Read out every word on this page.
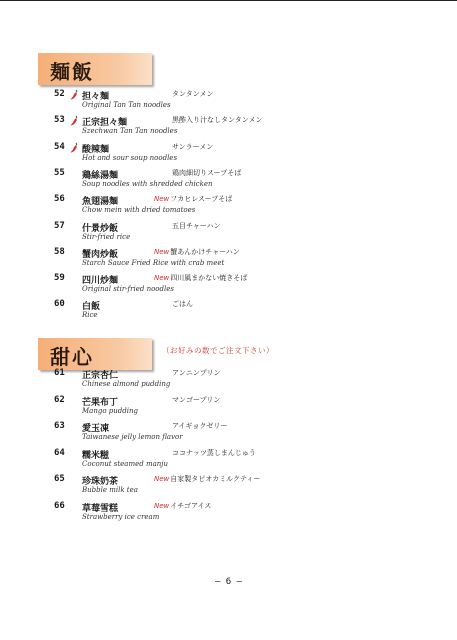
麺飯
甜心	（お好みの数でご注文下さい）
52 担々麺	タンタンメン
Original Tan Tan noodles
53 正宗担々麺	黒酢入り汁なしタンタンメン
Szechwan Tan Tan noodles
54 酸辣麺	サンラーメン
Hot and sour soup noodles
55 鶏絲湯麺	鶏肉細切りスープそば
Soup noodles with shredded chicken
56 魚翅湯麺	Newフカヒレスープそば
Chow mein with dried tomatoes
57 什景炒飯	五目チャーハン
Stir-fried rice
58 蟹肉炒飯	New蟹あんかけチャーハン
Starch Sauce Fried Rice with crab meet
59 四川炒麺	New四川風まかない焼きそば
Original stir-fried noodles
60 白飯	ごはん
Rice
61 正宗杏仁	アンニンプリン
Chinese almond pudding
62 芒果布丁	マンゴープリン
Mango pudding
63 愛玉凍	アイギョクゼリー
Taiwanese jelly lemon flavor
64 糯米糍	ココナッツ蒸しまんじゅう
Coconut steamed manju
65 珍珠奶茶	New自家製タピオカミルクティー
Bubble milk tea
66 草莓雪糕	Newイチゴアイス
Strawberry ice cream
— 6 —
